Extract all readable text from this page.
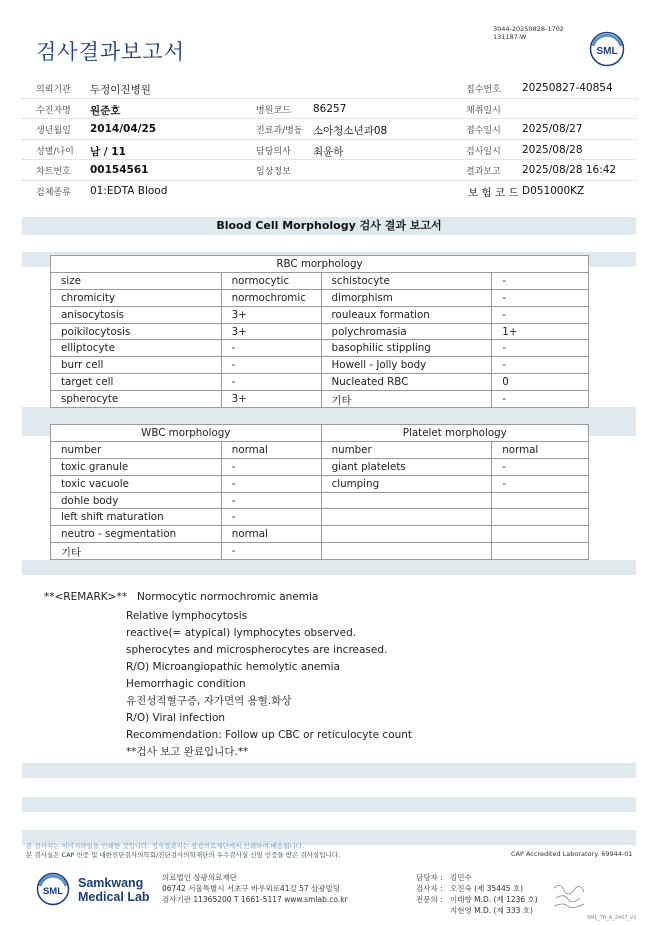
3044-20250828-1702
131187-W
검사결과보고서	SML
의뢰기관 두정이진병원	접수번호 20250827-40854
수진자명 원준호	병원코드 86257	채취일시
생년월일 2014/04/25	진료과/병동 소아청소년과08	접수일시 2025/08/27
성별/나이 남 / 11	담당의사 최윤하	검사일시 2025/08/28
차트번호 00154561	임상정보	결과보고 2025/08/28 16:42
검체종류 01:EDTA Blood	보 험 코 드 D051000KZ
Blood Cell Morphology 검사 결과 보고서
RBC morphology			
size	normocytic	schistocyte	-
chromicity	normochromic	dimorphism	-
anisocytosis	3+	rouleaux formation	-
poikilocytosis	3+	polychromasia	1+
elliptocyte	-	basophilic stippling	-
burr cell	-	Howell - Jolly body	-
target cell	-	Nucleated RBC	0
spherocyte	3+	기타	-
WBC morphology		Platelet morphology	
number	normal	number	normal
toxic granule	-	giant platelets	-
toxic vacuole	-	clumping	-
dohle body	-		
left shift maturation	-		
neutro - segmentation	normal		
기타	-		
**<REMARK>** Normocytic normochromic anemia
Relative lymphocytosis
reactive(= atypical) lymphocytes observed.
spherocytes and microspherocytes are increased.
R/O) Microangiopathic hemolytic anemia
Hemorrhagic condition
유전성적혈구증, 자가면역 용혈.화상
R/O) Viral infection
Recommendation: Follow up CBC or reticulocyte count
**검사 보고 완료입니다.**
본 검사지는 이미지파일을 인쇄한 것입니다. 정식결과지는 삼광의료재단에서 인쇄하여 배송됩니다.
본 검사실은 CAP 인증 및 대한진단검사의학회/진단검사의학재단의 우수검사실 신임 인증을 받은 검사실입니다.	CAP Accredited Laboratory. 69944-01
SML
Samkwang
Medical Lab
의료법인 삼광의료재단
06742 서울특별시 서초구 바우뫼로41길 57 삼광빌딩
검사기관 11365200 T 1661-5117 www.smlab.co.kr
담당자 : 김민수
검사자 : 오진숙 (제 35445 호)
전문의 : 이태향 M.D. (제 1236 호)
지현영 M.D. (제 333 호)
SML_TR_A_2407_V1
